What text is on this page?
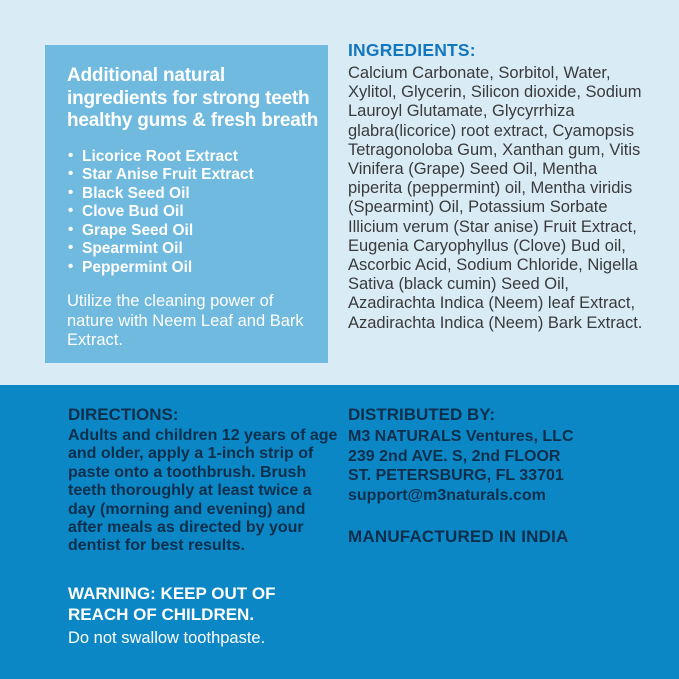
Additional natural ingredients for strong teeth healthy gums & fresh breath
• Licorice Root Extract
• Star Anise Fruit Extract
• Black Seed Oil
• Clove Bud Oil
• Grape Seed Oil
• Spearmint Oil
• Peppermint Oil

Utilize the cleaning power of nature with Neem Leaf and Bark Extract.

INGREDIENTS:

Calcium Carbonate, Sorbitol, Water, Xylitol, Glycerin, Silicon dioxide, Sodium Lauroyl Glutamate, Glycyrrhiza glabra(licorice) root extract, Cyamopsis Tetragonoloba Gum, Xanthan gum, Vitis Vinifera (Grape) Seed Oil, Mentha piperita (peppermint) oil, Mentha viridis (Spearmint) Oil, Potassium Sorbate Illicium verum (Star anise) Fruit Extract, Eugenia Caryophyllus (Clove) Bud oil, Ascorbic Acid, Sodium Chloride, Nigella Sativa (black cumin) Seed Oil, Azadirachta Indica (Neem) leaf Extract, Azadirachta Indica (Neem) Bark Extract.

DIRECTIONS:

Adults and children 12 years of age and older, apply a 1-inch strip of paste onto a toothbrush. Brush teeth thoroughly at least twice a day (morning and evening) and after meals as directed by your dentist for best results.

WARNING: KEEP OUT OF REACH OF CHILDREN.

Do not swallow toothpaste.

DISTRIBUTED BY:

M3 NATURALS Ventures, LLC

239 2nd AVE. S, 2nd FLOOR

ST. PETERSBURG, FL 33701

support@m3naturals.com

MANUFACTURED IN INDIA
